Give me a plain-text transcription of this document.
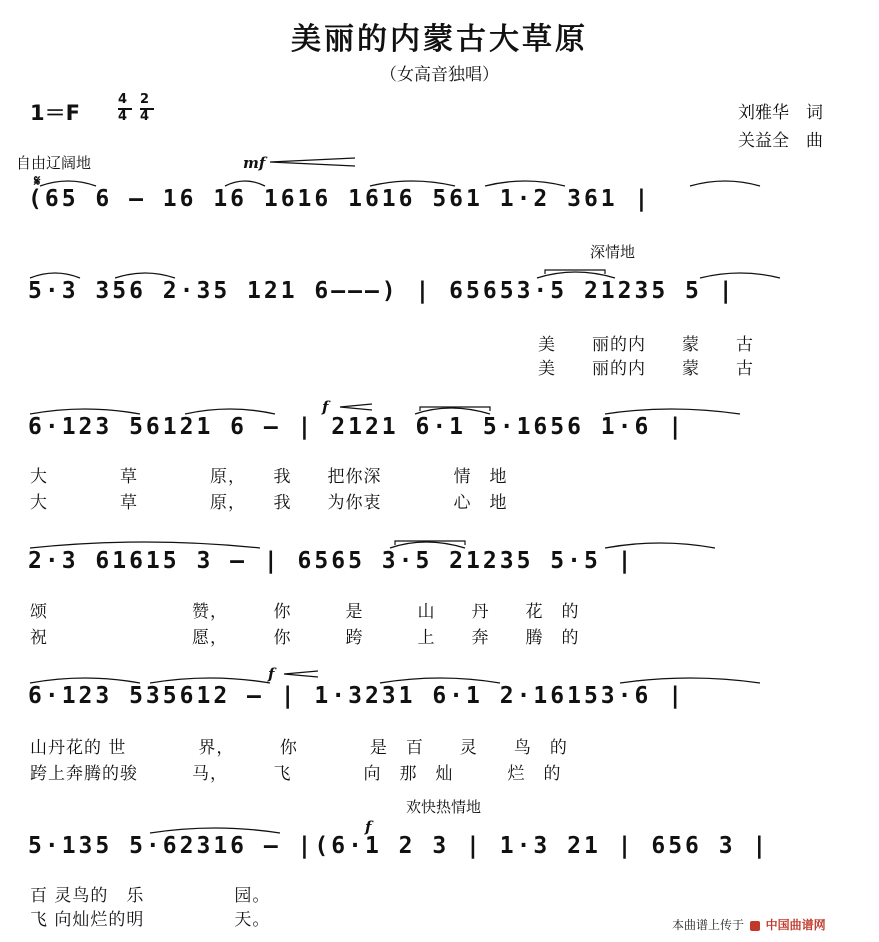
美丽的内蒙古大草原
（女高音独唱）
1＝F
4
4
2
4	刘雅华　词
关益全　曲
自由辽阔地
深情地
欢快热情地
𝄋
mf
f
f
f
(65 6 – 16 16 1616 1616 561 1·2 361 |
5·3 356 2·35 121 6–––) | 65653·5 21235 5 |
美　　丽的内　　蒙　　古
美　　丽的内　　蒙　　古
6·123 56121 6 – | 2121 6·1 5·1656 1·6 |
大　　　　草　　　　原，　　我　　把你深　　　　情　地
大　　　　草　　　　原，　　我　　为你衷　　　　心　地
2·3 61615 3 – | 6565 3·5 21235 5·5 |
颂　　　　　　　　赞，　　　你　　　是　　　山　　丹　　花　的
祝　　　　　　　　愿，　　　你　　　跨　　　上　　奔　　腾　的
6·123 535612 – | 1·3231 6·1 2·16153·6 |
山丹花的 世　　　　界，　　　你　　　　是　百　　灵　　鸟　的
跨上奔腾的骏　　　马，　　　飞　　　　向　那　灿　　　烂　的
5·135 5·62316 – |(6·1 2 3 | 1·3 21 | 656 3 |
百 灵鸟的　乐　　　　　园。
飞 向灿烂的明　　　　　天。	本曲谱上传于 中国曲谱网
